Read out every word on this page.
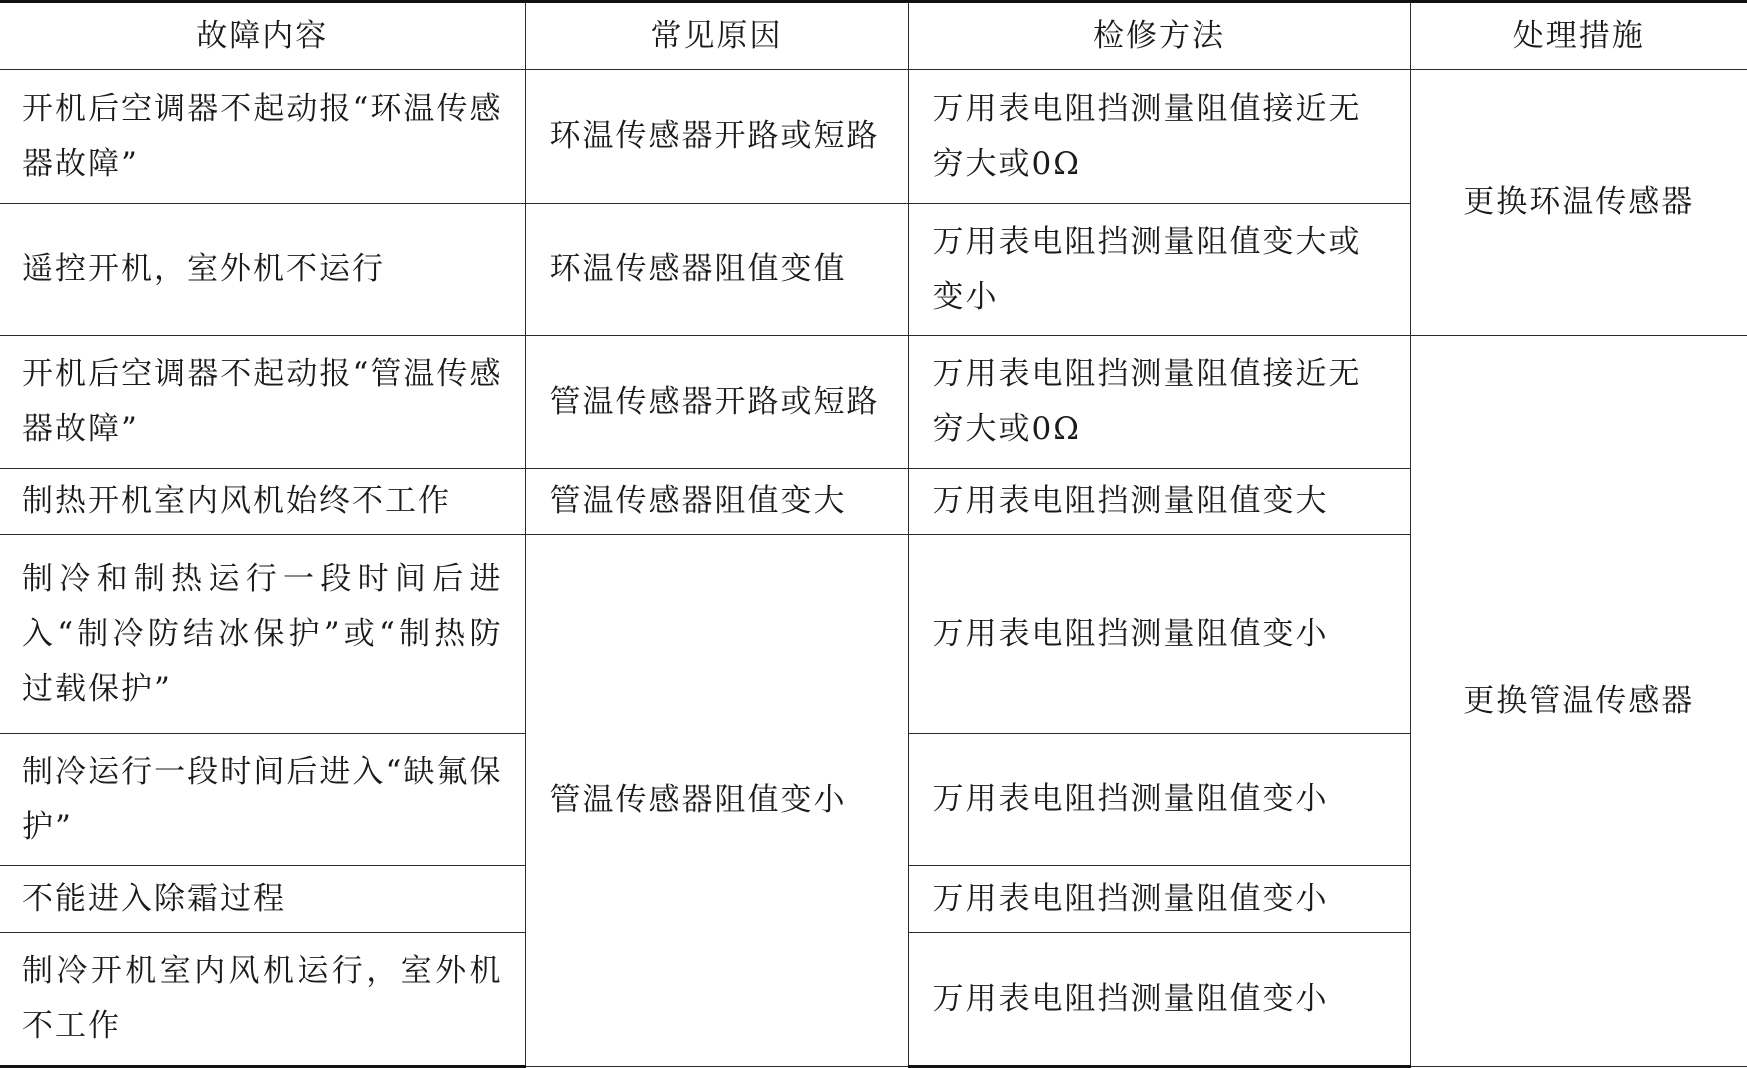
故障内容	常见原因	检修方法	处理措施
开机后空调器不起动报“环温传感器故障”	环温传感器开路或短路	万用表电阻挡测量阻值接近无穷大或0Ω	更换环温传感器
遥控开机，室外机不运行	环温传感器阻值变值	万用表电阻挡测量阻值变大或变小	
开机后空调器不起动报“管温传感器故障”	管温传感器开路或短路	万用表电阻挡测量阻值接近无穷大或0Ω	更换管温传感器
制热开机室内风机始终不工作	管温传感器阻值变大	万用表电阻挡测量阻值变大	
制冷和制热运行一段时间后进入“制冷防结冰保护”或“制热防过载保护”	管温传感器阻值变小	万用表电阻挡测量阻值变小	
制冷运行一段时间后进入“缺氟保护”		万用表电阻挡测量阻值变小	
不能进入除霜过程		万用表电阻挡测量阻值变小	
制冷开机室内风机运行，室外机不工作		万用表电阻挡测量阻值变小	
